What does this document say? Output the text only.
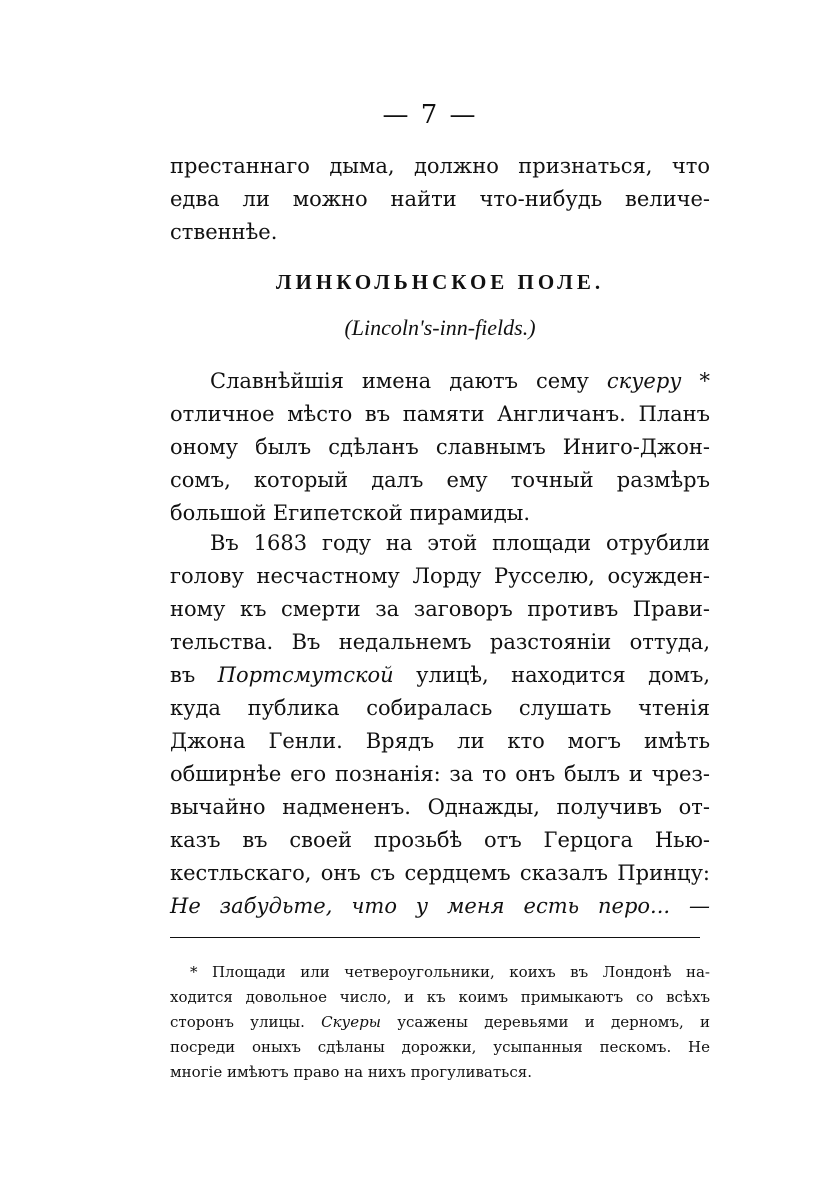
— 7 —
престаннаго дыма, должно признаться, что
едва ли можно найти что-нибудь величе-
ственнѣе.
ЛИНКОЛЬНСКОЕ ПОЛЕ.
(Lincoln's-inn-fields.)
Славнѣйшія имена даютъ сему скуеру *
отличное мѣсто въ памяти Англичанъ. Планъ
оному былъ сдѣланъ славнымъ Иниго-Джон-
сомъ, который далъ ему точный размѣръ
большой Египетской пирамиды.
Въ 1683 году на этой площади отрубили
голову несчастному Лорду Русселю, осужден-
ному къ смерти за заговоръ противъ Прави-
тельства. Въ недальнемъ разстояніи оттуда,
въ Портсмутской улицѣ, находится домъ,
куда публика собиралась слушать чтенія
Джона Генли. Врядъ ли кто могъ имѣть
обширнѣе его познанія: за то онъ былъ и чрез-
вычайно надмененъ. Однажды, получивъ от-
казъ въ своей прозьбѣ отъ Герцога Нью-
кестльскаго, онъ съ сердцемъ сказалъ Принцу:
Не забудьте, что у меня есть перо... —
* Площади или четвероугольники, коихъ въ Лондонѣ на-
ходится довольное число, и къ коимъ примыкаютъ со всѣхъ
сторонъ улицы. Скуеры усажены деревьями и дерномъ, и
посреди оныхъ сдѣланы дорожки, усыпанныя пескомъ. Не
многіе имѣютъ право на нихъ прогуливаться.
